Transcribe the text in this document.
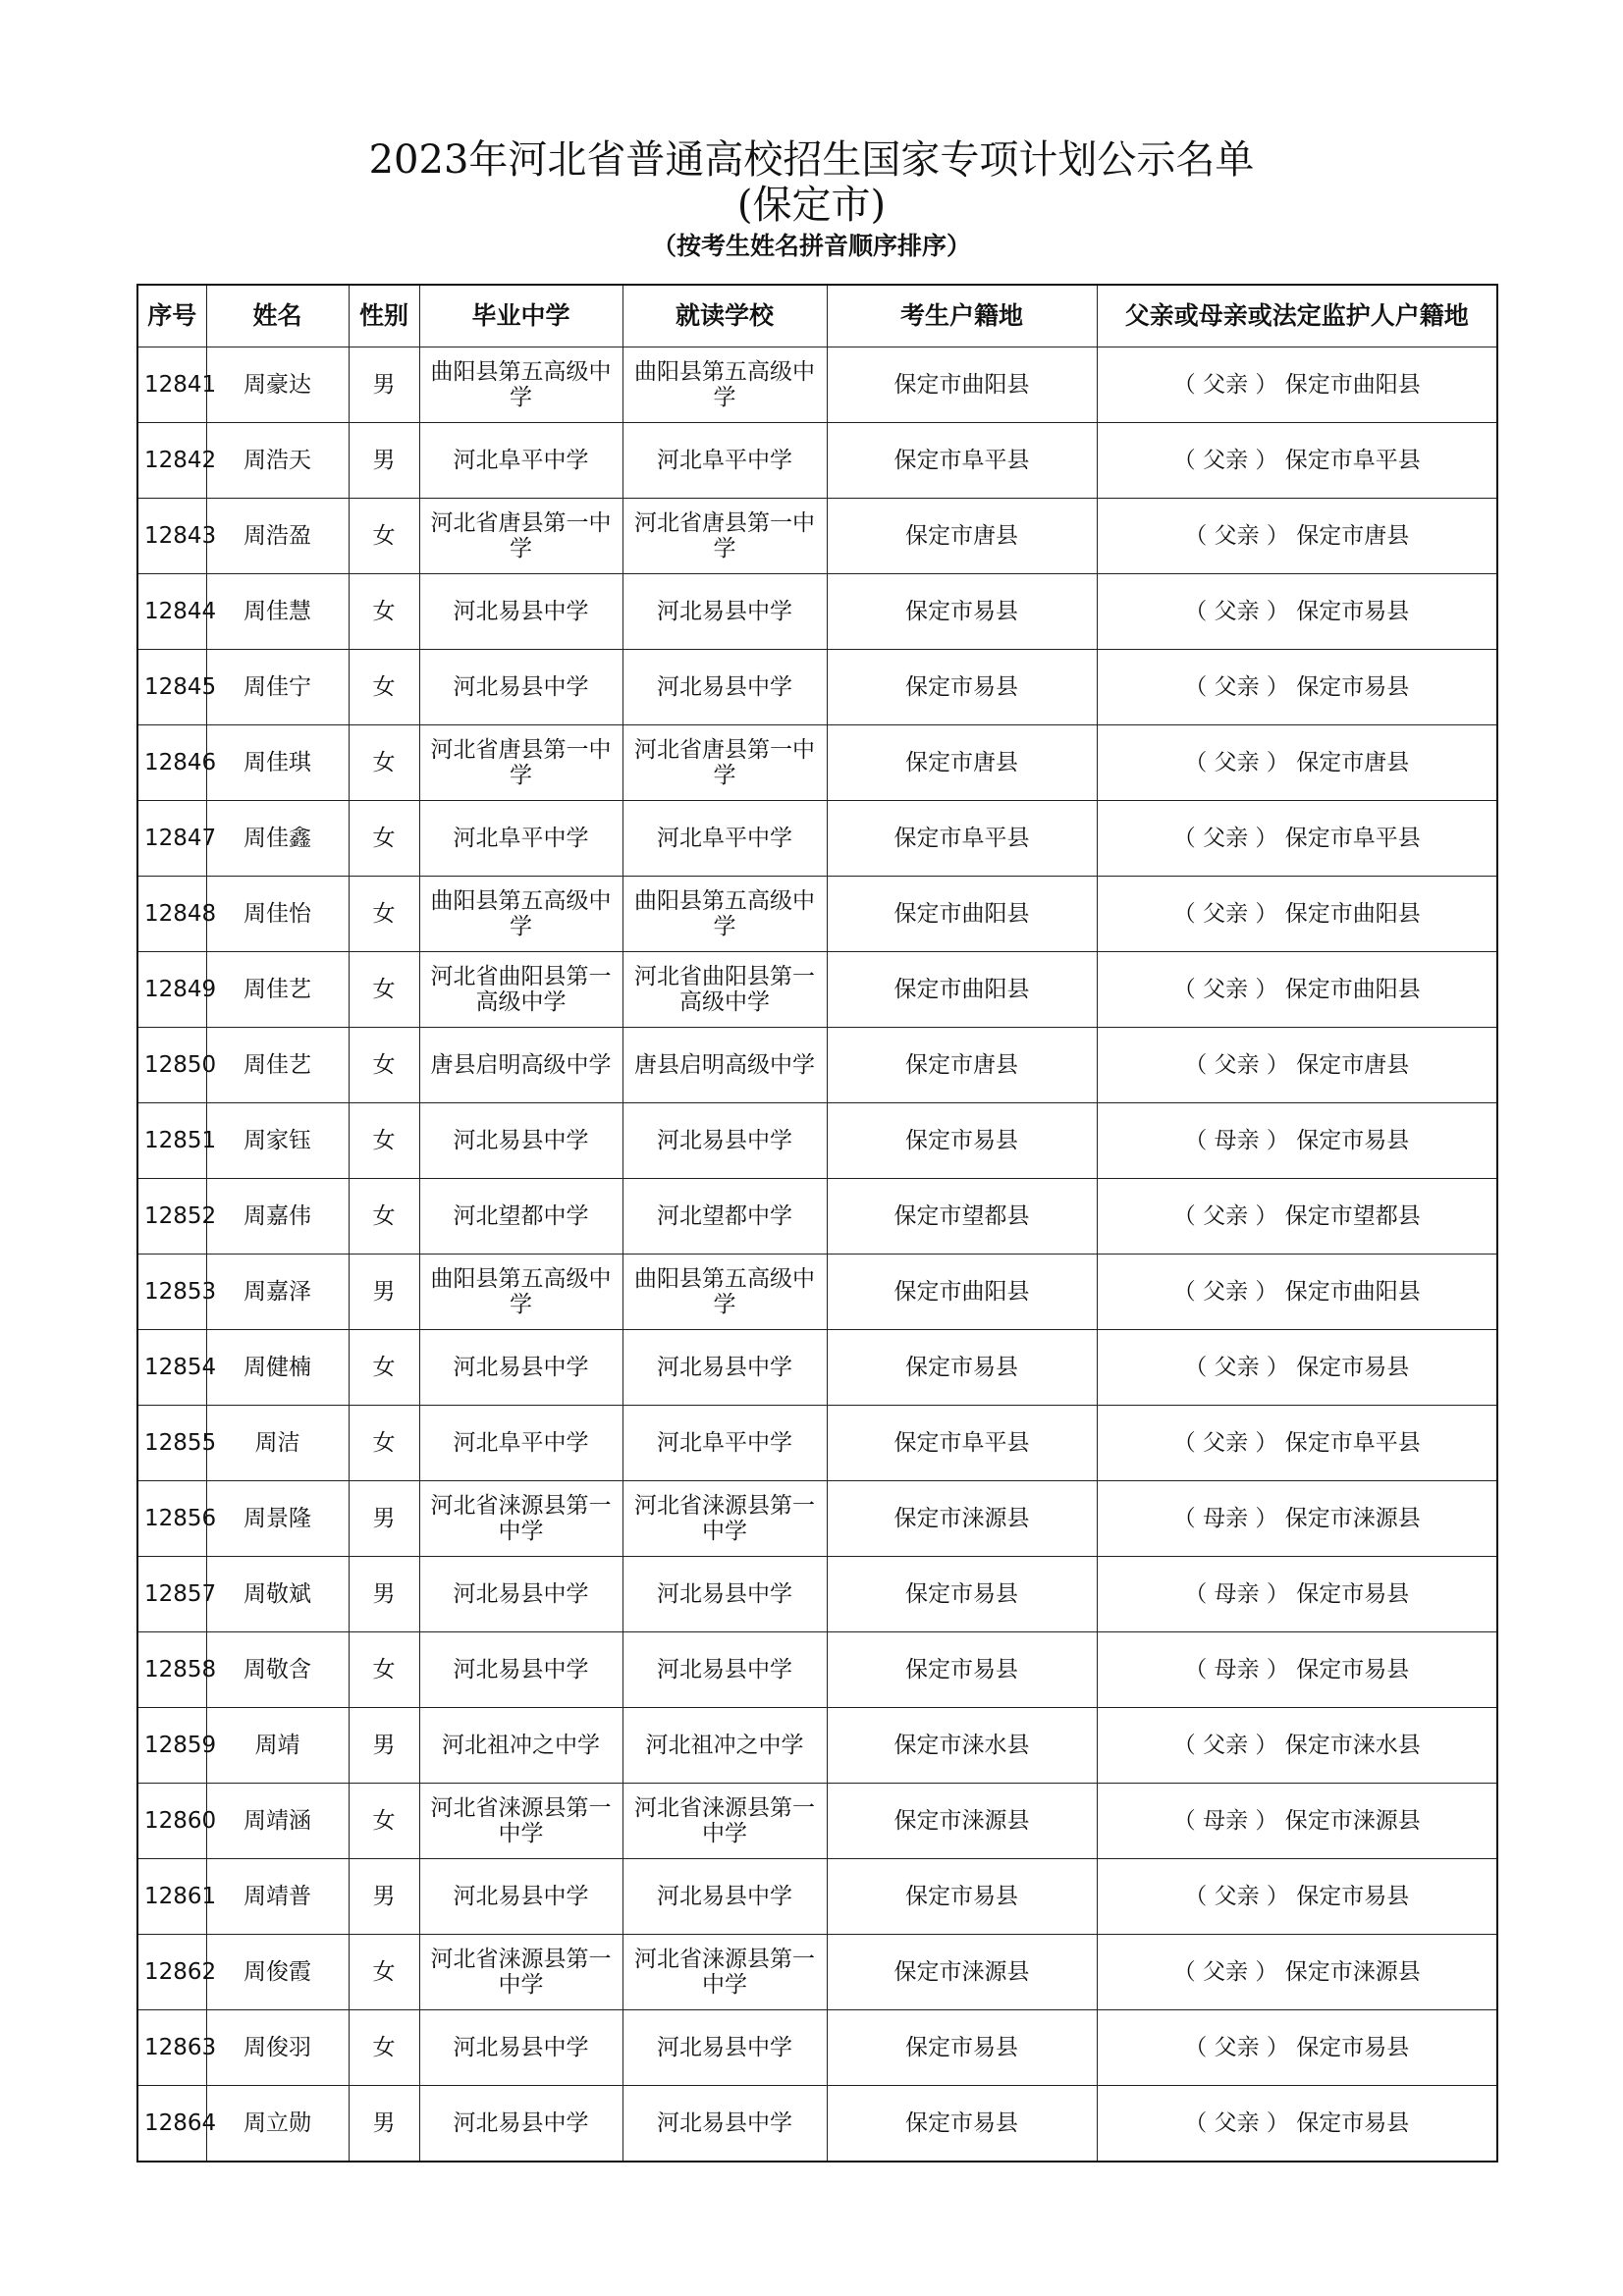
2023年河北省普通高校招生国家专项计划公示名单
(保定市)
（按考生姓名拼音顺序排序）
序号	姓名	性别	毕业中学	就读学校	考生户籍地	父亲或母亲或法定监护人户籍地
12841	周豪达	男	曲阳县第五高级中学	曲阳县第五高级中学	保定市曲阳县	（ 父亲 ） 保定市曲阳县
12842	周浩天	男	河北阜平中学	河北阜平中学	保定市阜平县	（ 父亲 ） 保定市阜平县
12843	周浩盈	女	河北省唐县第一中学	河北省唐县第一中学	保定市唐县	（ 父亲 ） 保定市唐县
12844	周佳慧	女	河北易县中学	河北易县中学	保定市易县	（ 父亲 ） 保定市易县
12845	周佳宁	女	河北易县中学	河北易县中学	保定市易县	（ 父亲 ） 保定市易县
12846	周佳琪	女	河北省唐县第一中学	河北省唐县第一中学	保定市唐县	（ 父亲 ） 保定市唐县
12847	周佳鑫	女	河北阜平中学	河北阜平中学	保定市阜平县	（ 父亲 ） 保定市阜平县
12848	周佳怡	女	曲阳县第五高级中学	曲阳县第五高级中学	保定市曲阳县	（ 父亲 ） 保定市曲阳县
12849	周佳艺	女	河北省曲阳县第一高级中学	河北省曲阳县第一高级中学	保定市曲阳县	（ 父亲 ） 保定市曲阳县
12850	周佳艺	女	唐县启明高级中学	唐县启明高级中学	保定市唐县	（ 父亲 ） 保定市唐县
12851	周家钰	女	河北易县中学	河北易县中学	保定市易县	（ 母亲 ） 保定市易县
12852	周嘉伟	女	河北望都中学	河北望都中学	保定市望都县	（ 父亲 ） 保定市望都县
12853	周嘉泽	男	曲阳县第五高级中学	曲阳县第五高级中学	保定市曲阳县	（ 父亲 ） 保定市曲阳县
12854	周健楠	女	河北易县中学	河北易县中学	保定市易县	（ 父亲 ） 保定市易县
12855	周洁	女	河北阜平中学	河北阜平中学	保定市阜平县	（ 父亲 ） 保定市阜平县
12856	周景隆	男	河北省涞源县第一中学	河北省涞源县第一中学	保定市涞源县	（ 母亲 ） 保定市涞源县
12857	周敬斌	男	河北易县中学	河北易县中学	保定市易县	（ 母亲 ） 保定市易县
12858	周敬含	女	河北易县中学	河北易县中学	保定市易县	（ 母亲 ） 保定市易县
12859	周靖	男	河北祖冲之中学	河北祖冲之中学	保定市涞水县	（ 父亲 ） 保定市涞水县
12860	周靖涵	女	河北省涞源县第一中学	河北省涞源县第一中学	保定市涞源县	（ 母亲 ） 保定市涞源县
12861	周靖普	男	河北易县中学	河北易县中学	保定市易县	（ 父亲 ） 保定市易县
12862	周俊霞	女	河北省涞源县第一中学	河北省涞源县第一中学	保定市涞源县	（ 父亲 ） 保定市涞源县
12863	周俊羽	女	河北易县中学	河北易县中学	保定市易县	（ 父亲 ） 保定市易县
12864	周立勋	男	河北易县中学	河北易县中学	保定市易县	（ 父亲 ） 保定市易县
